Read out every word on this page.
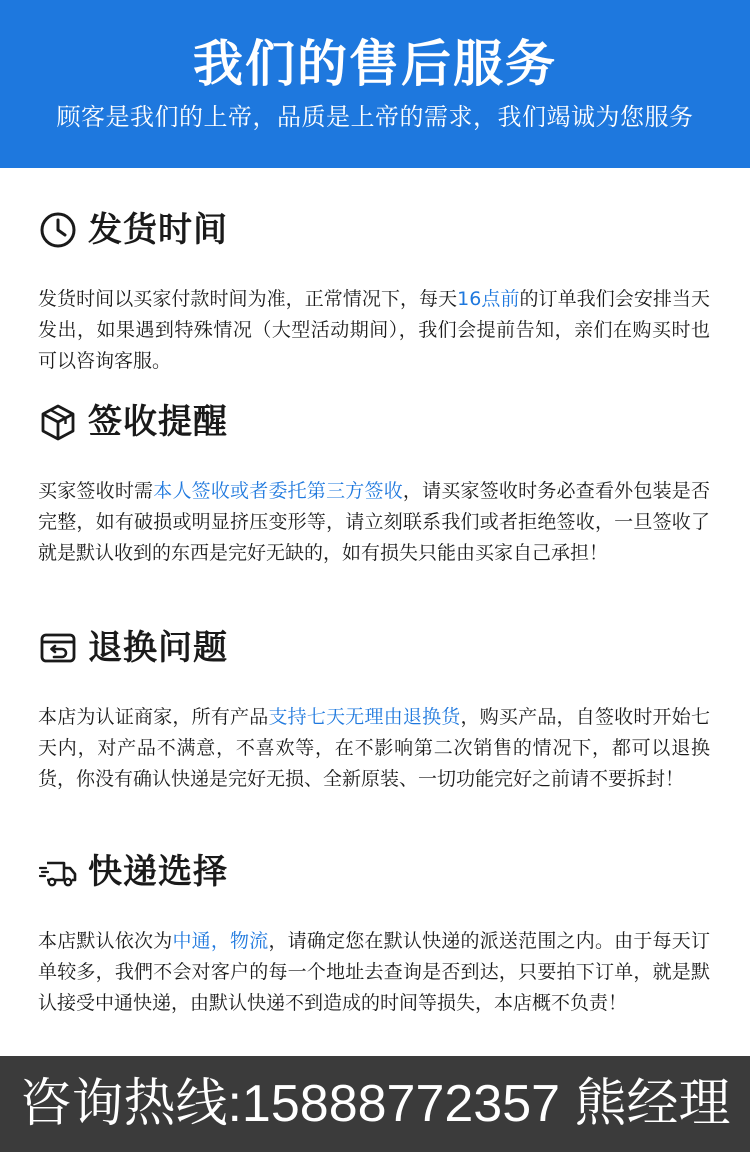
我们的售后服务
顾客是我们的上帝，品质是上帝的需求，我们竭诚为您服务
发货时间
发货时间以买家付款时间为准，正常情况下，每天16点前的订单我们会安排当天发出，如果遇到特殊情况（大型活动期间），我们会提前告知，亲们在购买时也可以咨询客服。
签收提醒
买家签收时需本人签收或者委托第三方签收，请买家签收时务必查看外包装是否　 完整，如有破损或明显挤压变形等，请立刻联系我们或者拒绝签收，一旦签收了就是默认收到的东西是完好无缺的，如有损失只能由买家自己承担！
退换问题
本店为认证商家，所有产品支持七天无理由退换货，购买产品，自签收时开始七 天内，对产品不满意，不喜欢等，在不影响第二次销售的情况下，都可以退换 货，你没有确认快递是完好无损、全新原装、一切功能完好之前请不要拆封！
快递选择
本店默认依次为中通，物流，请确定您在默认快递的派送范围之内。由于每天订单较多，我們不会对客户的每一个地址去查询是否到达，只要拍下订单，就是默认接受中通快递，由默认快递不到造成的时间等损失，本店概不负责！
咨询热线:15888772357 熊经理
